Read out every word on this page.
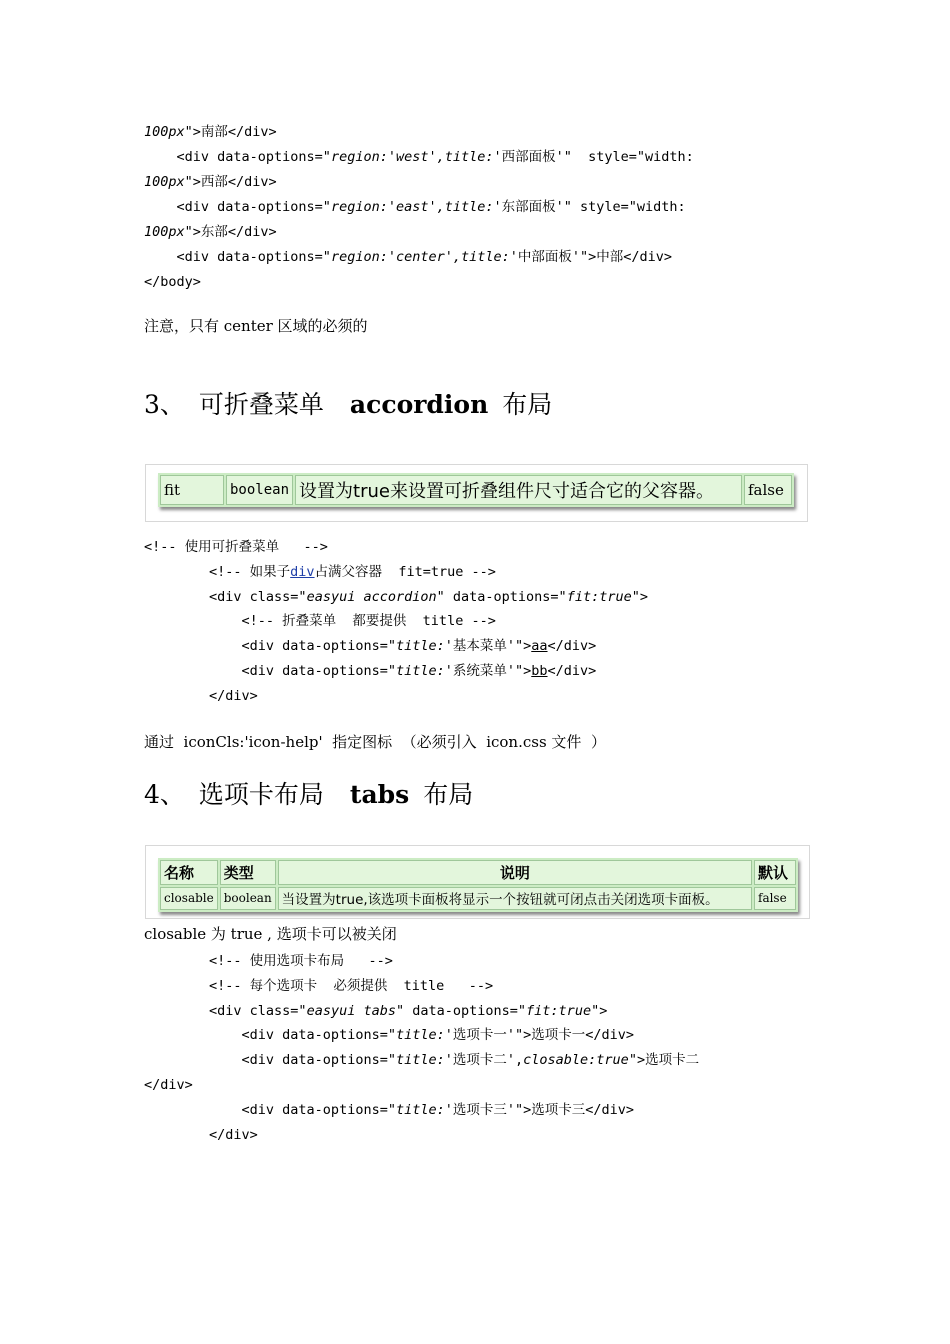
100px">南部</div>
<div data-options="region:'west',title:'西部面板'"  style="width:
100px">西部</div>
<div data-options="region:'east',title:'东部面板'" style="width:
100px">东部</div>
<div data-options="region:'center',title:'中部面板'">中部</div>
</body>
注意，只有 center 区域的必须的
3、 可折叠菜单 accordion 布局
fit	boolean	设置为true来设置可折叠组件尺寸适合它的父容器。	false
<!-- 使用可折叠菜单   -->
<!-- 如果子div占满父容器  fit=true -->
<div class="easyui  accordion" data-options="fit:true">
<!-- 折叠菜单  都要提供  title -->
<div data-options="title:'基本菜单'">aa</div>
<div data-options="title:'系统菜单'">bb</div>
</div>
通过  iconCls:'icon-help'  指定图标  （必须引入  icon.css 文件  ）
4、 选项卡布局 tabs 布局
名称	类型	说明	默认
closable	boolean	当设置为true,该选项卡面板将显示一个按钮就可闭点击关闭选项卡面板。	false
closable 为 true , 选项卡可以被关闭
<!-- 使用选项卡布局   -->
<!-- 每个选项卡  必须提供  title   -->
<div class="easyui  tabs" data-options="fit:true">
<div data-options="title:'选项卡一'">选项卡一</div>
<div data-options="title:'选项卡二',closable:true">选项卡二
</div>
<div data-options="title:'选项卡三'">选项卡三</div>
</div>
